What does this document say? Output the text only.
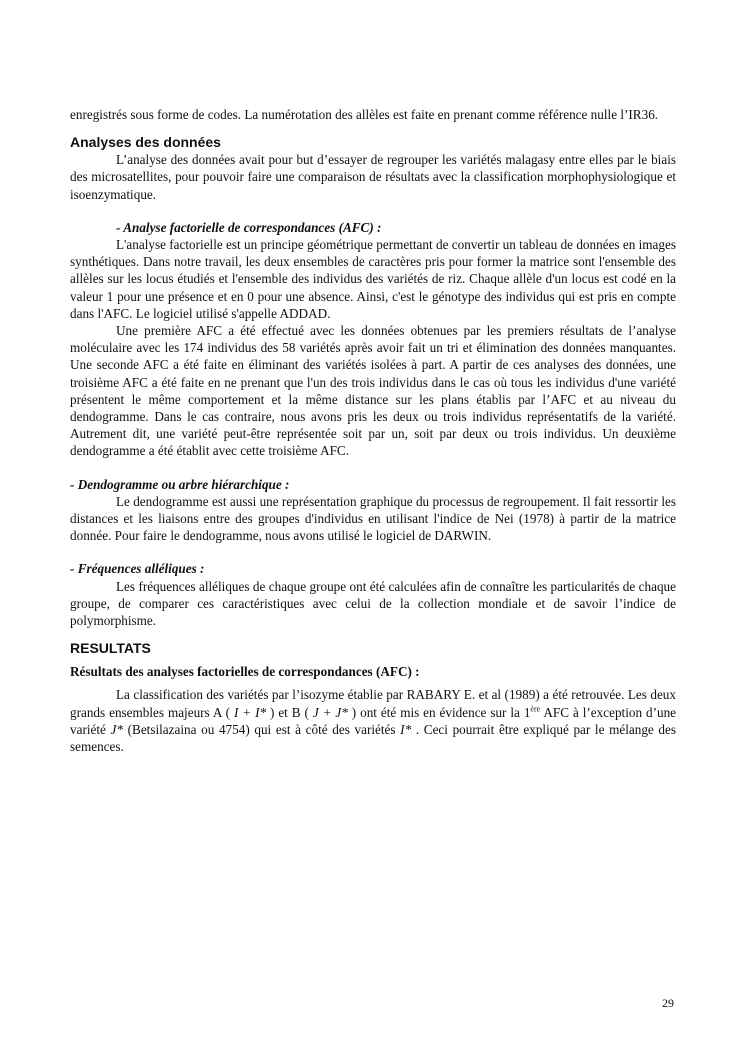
enregistrés sous forme de codes. La numérotation des allèles est faite en prenant comme référence nulle l’IR36.

Analyses des données

L’analyse des données avait pour but d’essayer de regrouper les variétés malagasy entre elles par le biais des microsatellites, pour pouvoir faire une comparaison de résultats avec la classification morphophysiologique et isoenzymatique.

- Analyse factorielle de correspondances (AFC) :

L'analyse factorielle est un principe géométrique permettant de convertir un tableau de données en images synthétiques. Dans notre travail, les deux ensembles de caractères pris pour former la matrice sont l'ensemble des allèles sur les locus étudiés et l'ensemble des individus des variétés de riz. Chaque allèle d'un locus est codé en la valeur 1 pour une présence et en 0 pour une absence. Ainsi, c'est le génotype des individus qui est pris en compte dans l'AFC. Le logiciel utilisé s'appelle ADDAD.

Une première AFC a été effectué avec les données obtenues par les premiers résultats de l’analyse moléculaire avec les 174 individus des 58 variétés après avoir fait un tri et élimination des données manquantes. Une seconde AFC a été faite en éliminant des variétés isolées à part. A partir de ces analyses des données, une troisième AFC a été faite en ne prenant que l'un des trois individus dans le cas où tous les individus d'une variété présentent le même comportement et la même distance sur les plans établis par l’AFC et au niveau du dendogramme. Dans le cas contraire, nous avons pris les deux ou trois individus représentatifs de la variété. Autrement dit, une variété peut-être représentée soit par un, soit par deux ou trois individus. Un deuxième dendogramme a été établit avec cette troisième AFC.

- Dendogramme ou arbre hiérarchique :

Le dendogramme est aussi une représentation graphique du processus de regroupement. Il fait ressortir les distances et les liaisons entre des groupes d'individus en utilisant l'indice de Nei (1978) à partir de la matrice donnée. Pour faire le dendogramme, nous avons utilisé le logiciel de DARWIN.

- Fréquences alléliques :

Les fréquences alléliques de chaque groupe ont été calculées afin de connaître les particularités de chaque groupe, de comparer ces caractéristiques avec celui de la collection mondiale et de savoir l’indice de polymorphisme.

RESULTATS

Résultats des analyses factorielles de correspondances (AFC) :

La classification des variétés par l’isozyme établie par RABARY E. et al (1989) a été retrouvée. Les deux grands ensembles majeurs A ( I + I* ) et B ( J + J* ) ont été mis en évidence sur la 1ère AFC à l’exception d’une variété J* (Betsilazaina ou 4754) qui est à côté des variétés I* . Ceci pourrait être expliqué par le mélange des semences.

29
